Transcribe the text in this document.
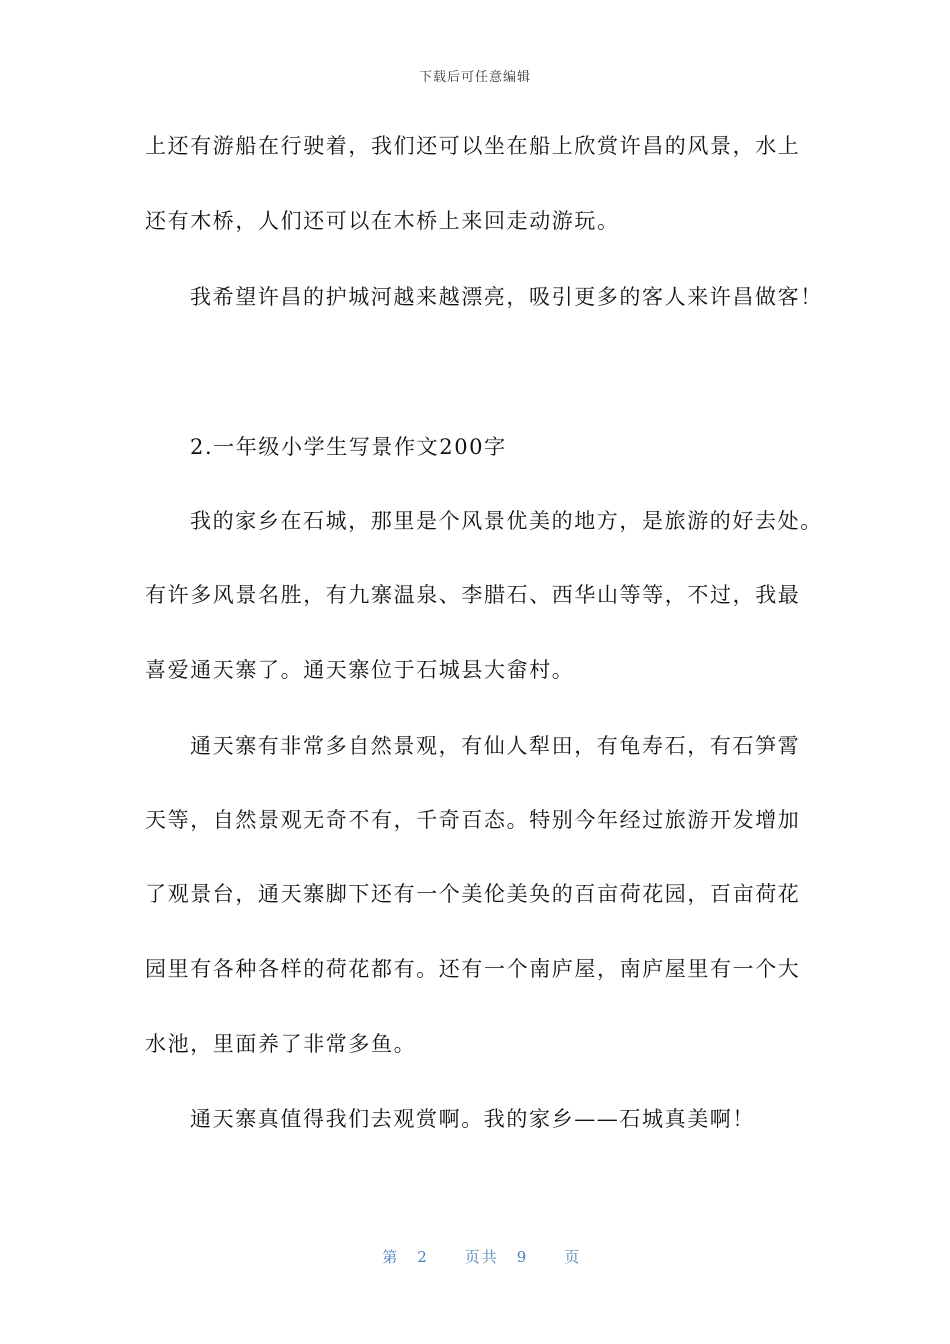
下载后可任意编辑
上还有游船在行驶着，我们还可以坐在船上欣赏许昌的风景，水上
还有木桥，人们还可以在木桥上来回走动游玩。
我希望许昌的护城河越来越漂亮，吸引更多的客人来许昌做客！
2.一年级小学生写景作文200字
我的家乡在石城，那里是个风景优美的地方，是旅游的好去处。
有许多风景名胜，有九寨温泉、李腊石、西华山等等，不过，我最
喜爱通天寨了。通天寨位于石城县大畲村。
通天寨有非常多自然景观，有仙人犁田，有龟寿石，有石笋霄
天等，自然景观无奇不有，千奇百态。特别今年经过旅游开发增加
了观景台，通天寨脚下还有一个美伦美奂的百亩荷花园，百亩荷花
园里有各种各样的荷花都有。还有一个南庐屋，南庐屋里有一个大
水池，里面养了非常多鱼。
通天寨真值得我们去观赏啊。我的家乡——石城真美啊！

第 2 页共 9 页
